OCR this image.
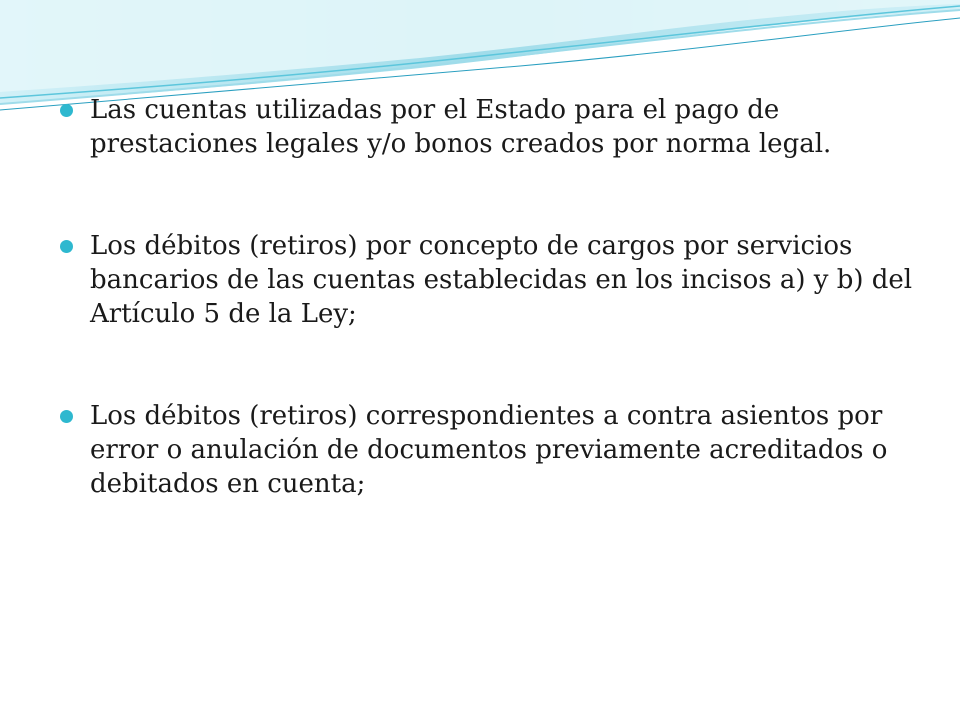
Las cuentas utilizadas por el Estado para el pago de prestaciones legales y/o bonos creados por norma legal.
Los débitos (retiros) por concepto de cargos por servicios bancarios de las cuentas establecidas en los incisos a) y b) del Artículo 5 de la Ley;
Los débitos (retiros) correspondientes a contra asientos por error o anulación de documentos previamente acreditados o debitados en cuenta;
